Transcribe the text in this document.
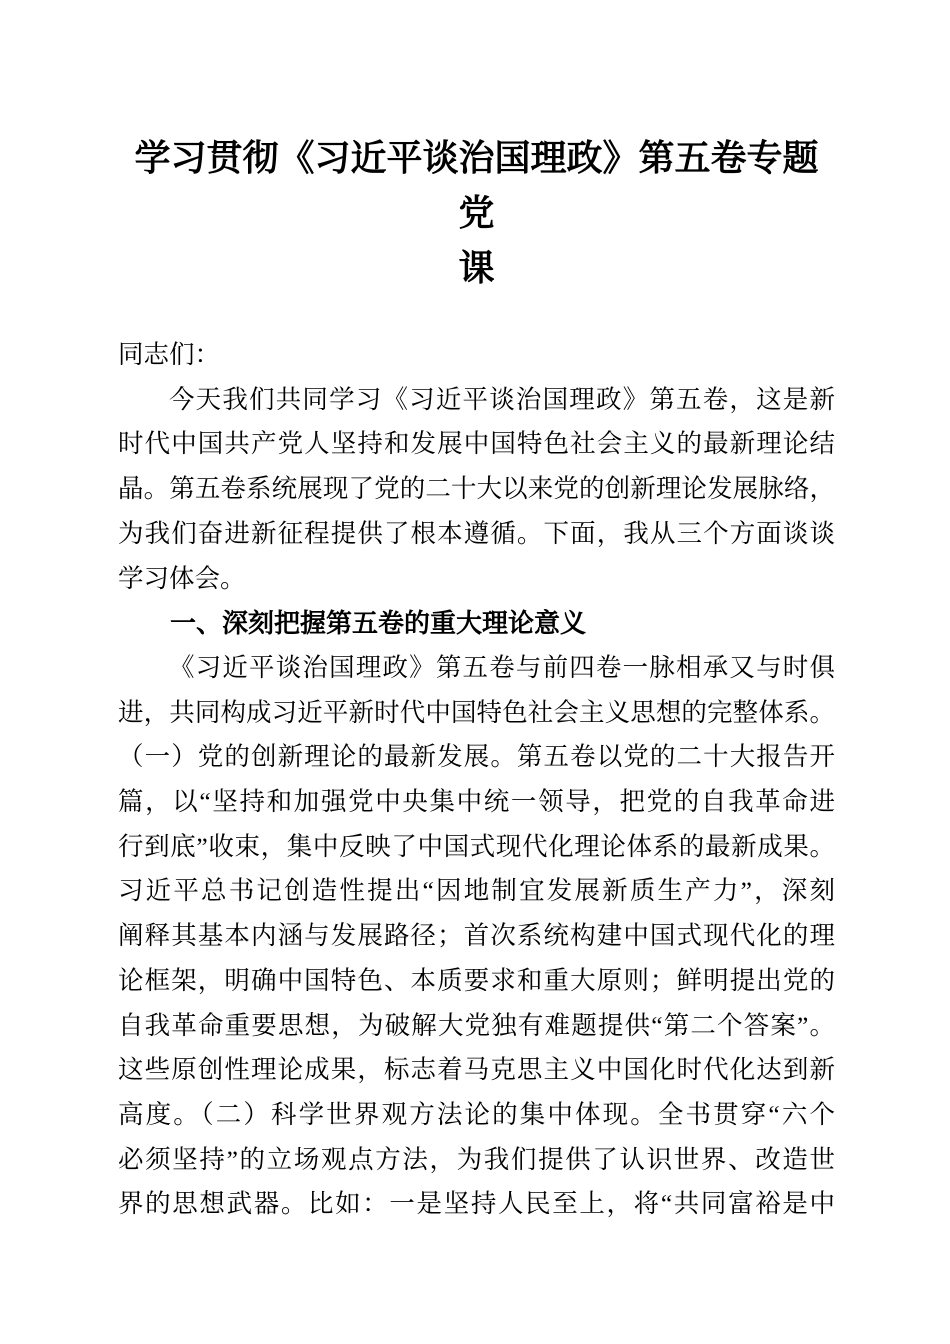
学习贯彻《习近平谈治国理政》第五卷专题党
课
同志们：
今天我们共同学习《习近平谈治国理政》第五卷，这是新
时代中国共产党人坚持和发展中国特色社会主义的最新理论结
晶。第五卷系统展现了党的二十大以来党的创新理论发展脉络，
为我们奋进新征程提供了根本遵循。下面，我从三个方面谈谈
学习体会。
一、深刻把握第五卷的重大理论意义
《习近平谈治国理政》第五卷与前四卷一脉相承又与时俱
进，共同构成习近平新时代中国特色社会主义思想的完整体系。
（一）党的创新理论的最新发展。第五卷以党的二十大报告开
篇，以“坚持和加强党中央集中统一领导，把党的自我革命进
行到底”收束，集中反映了中国式现代化理论体系的最新成果。
习近平总书记创造性提出“因地制宜发展新质生产力”，深刻
阐释其基本内涵与发展路径；首次系统构建中国式现代化的理
论框架，明确中国特色、本质要求和重大原则；鲜明提出党的
自我革命重要思想，为破解大党独有难题提供“第二个答案”。
这些原创性理论成果，标志着马克思主义中国化时代化达到新
高度。（二）科学世界观方法论的集中体现。全书贯穿“六个
必须坚持”的立场观点方法，为我们提供了认识世界、改造世
界的思想武器。比如：一是坚持人民至上，将“共同富裕是中
